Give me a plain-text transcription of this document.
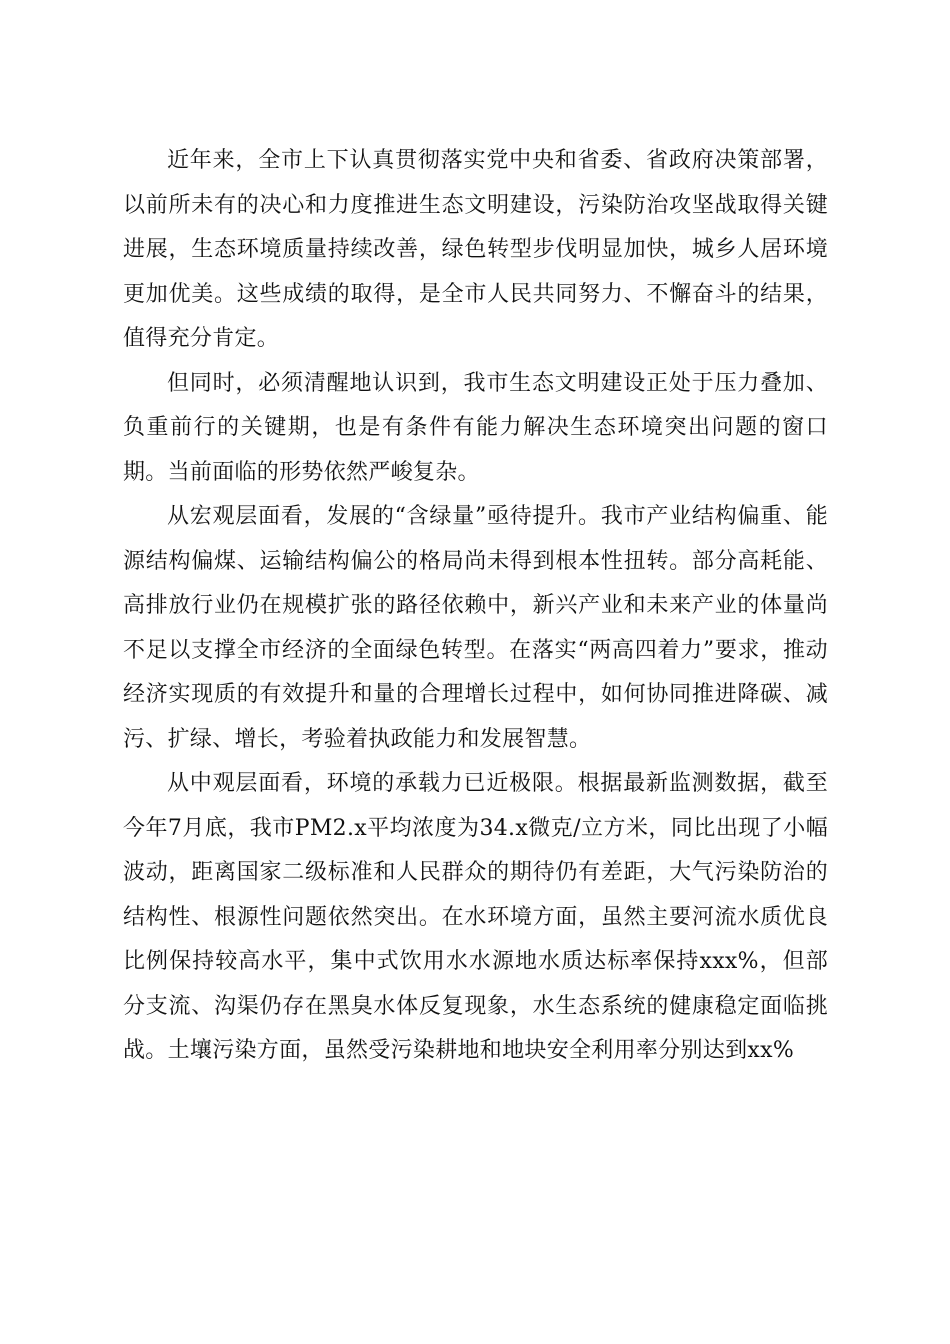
近年来，全市上下认真贯彻落实党中央和省委、省政府决策部署，以前所未有的决心和力度推进生态文明建设，污染防治攻坚战取得关键进展，生态环境质量持续改善，绿色转型步伐明显加快，城乡人居环境更加优美。这些成绩的取得，是全市人民共同努力、不懈奋斗的结果，值得充分肯定。

但同时，必须清醒地认识到，我市生态文明建设正处于压力叠加、负重前行的关键期，也是有条件有能力解决生态环境突出问题的窗口期。当前面临的形势依然严峻复杂。

从宏观层面看，发展的“含绿量”亟待提升。我市产业结构偏重、能源结构偏煤、运输结构偏公的格局尚未得到根本性扭转。部分高耗能、高排放行业仍在规模扩张的路径依赖中，新兴产业和未来产业的体量尚不足以支撑全市经济的全面绿色转型。在落实“两高四着力”要求，推动经济实现质的有效提升和量的合理增长过程中，如何协同推进降碳、减污、扩绿、增长，考验着执政能力和发展智慧。

从中观层面看，环境的承载力已近极限。根据最新监测数据，截至今年7月底，我市PM2.x平均浓度为34.x微克/立方米，同比出现了小幅波动，距离国家二级标准和人民群众的期待仍有差距，大气污染防治的结构性、根源性问题依然突出。在水环境方面，虽然主要河流水质优良比例保持较高水平，集中式饮用水水源地水质达标率保持xxx%，但部分支流、沟渠仍存在黑臭水体反复现象，水生态系统的健康稳定面临挑战。土壤污染方面，虽然受污染耕地和地块安全利用率分别达到xx%
